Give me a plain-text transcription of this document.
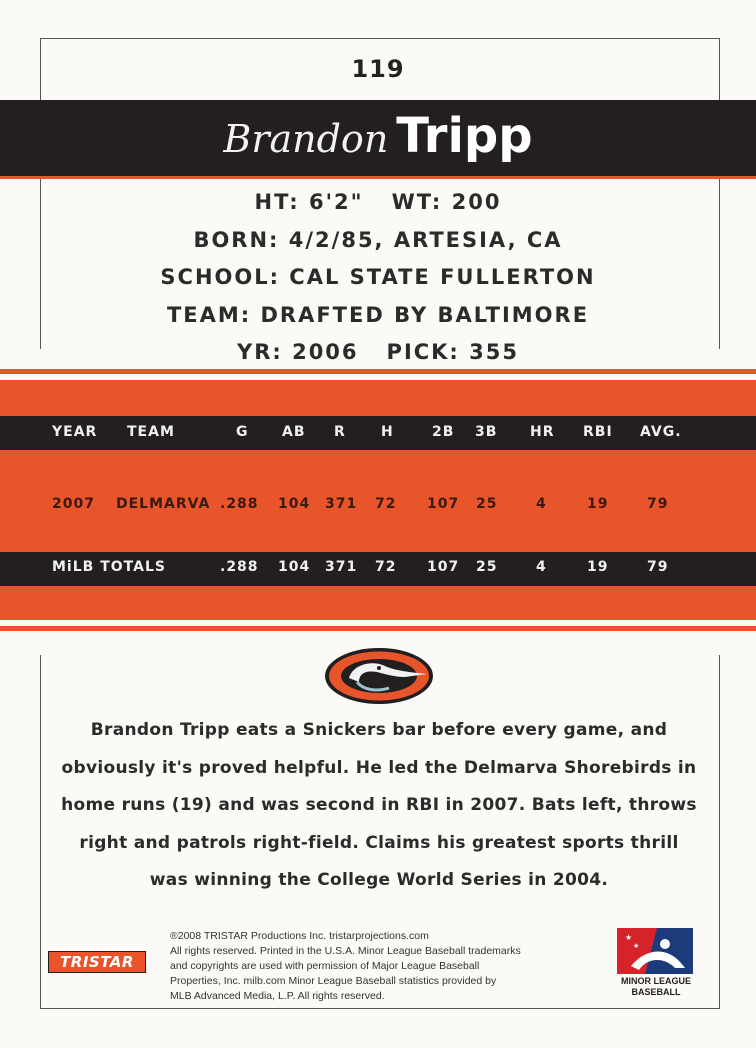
119
Brandon Tripp
HT: 6'2" WT: 200
BORN: 4/2/85, ARTESIA, CA
SCHOOL: CAL STATE FULLERTON
TEAM: DRAFTED BY BALTIMORE
YR: 2006 PICK: 355
YEAR TEAM	G AB R	H	2B 3B HR RBI AVG.
2007 DELMARVA .288 104 371 72 107 25	4	19	79
MiLB TOTALS	.288 104 371 72 107 25	4	19	79
Brandon Tripp eats a Snickers bar before every game, and
obviously it's proved helpful. He led the Delmarva Shorebirds in
home runs (19) and was second in RBI in 2007. Bats left, throws
right and patrols right-field. Claims his greatest sports thrill
was winning the College World Series in 2004.
TRISTAR
®2008 TRISTAR Productions Inc. tristarprojections.com
All rights reserved. Printed in the U.S.A. Minor League Baseball trademarks
and copyrights are used with permission of Major League Baseball
Properties, Inc. milb.com Minor League Baseball statistics provided by
MLB Advanced Media, L.P. All rights reserved.
★
★
MINOR LEAGUE
BASEBALL
